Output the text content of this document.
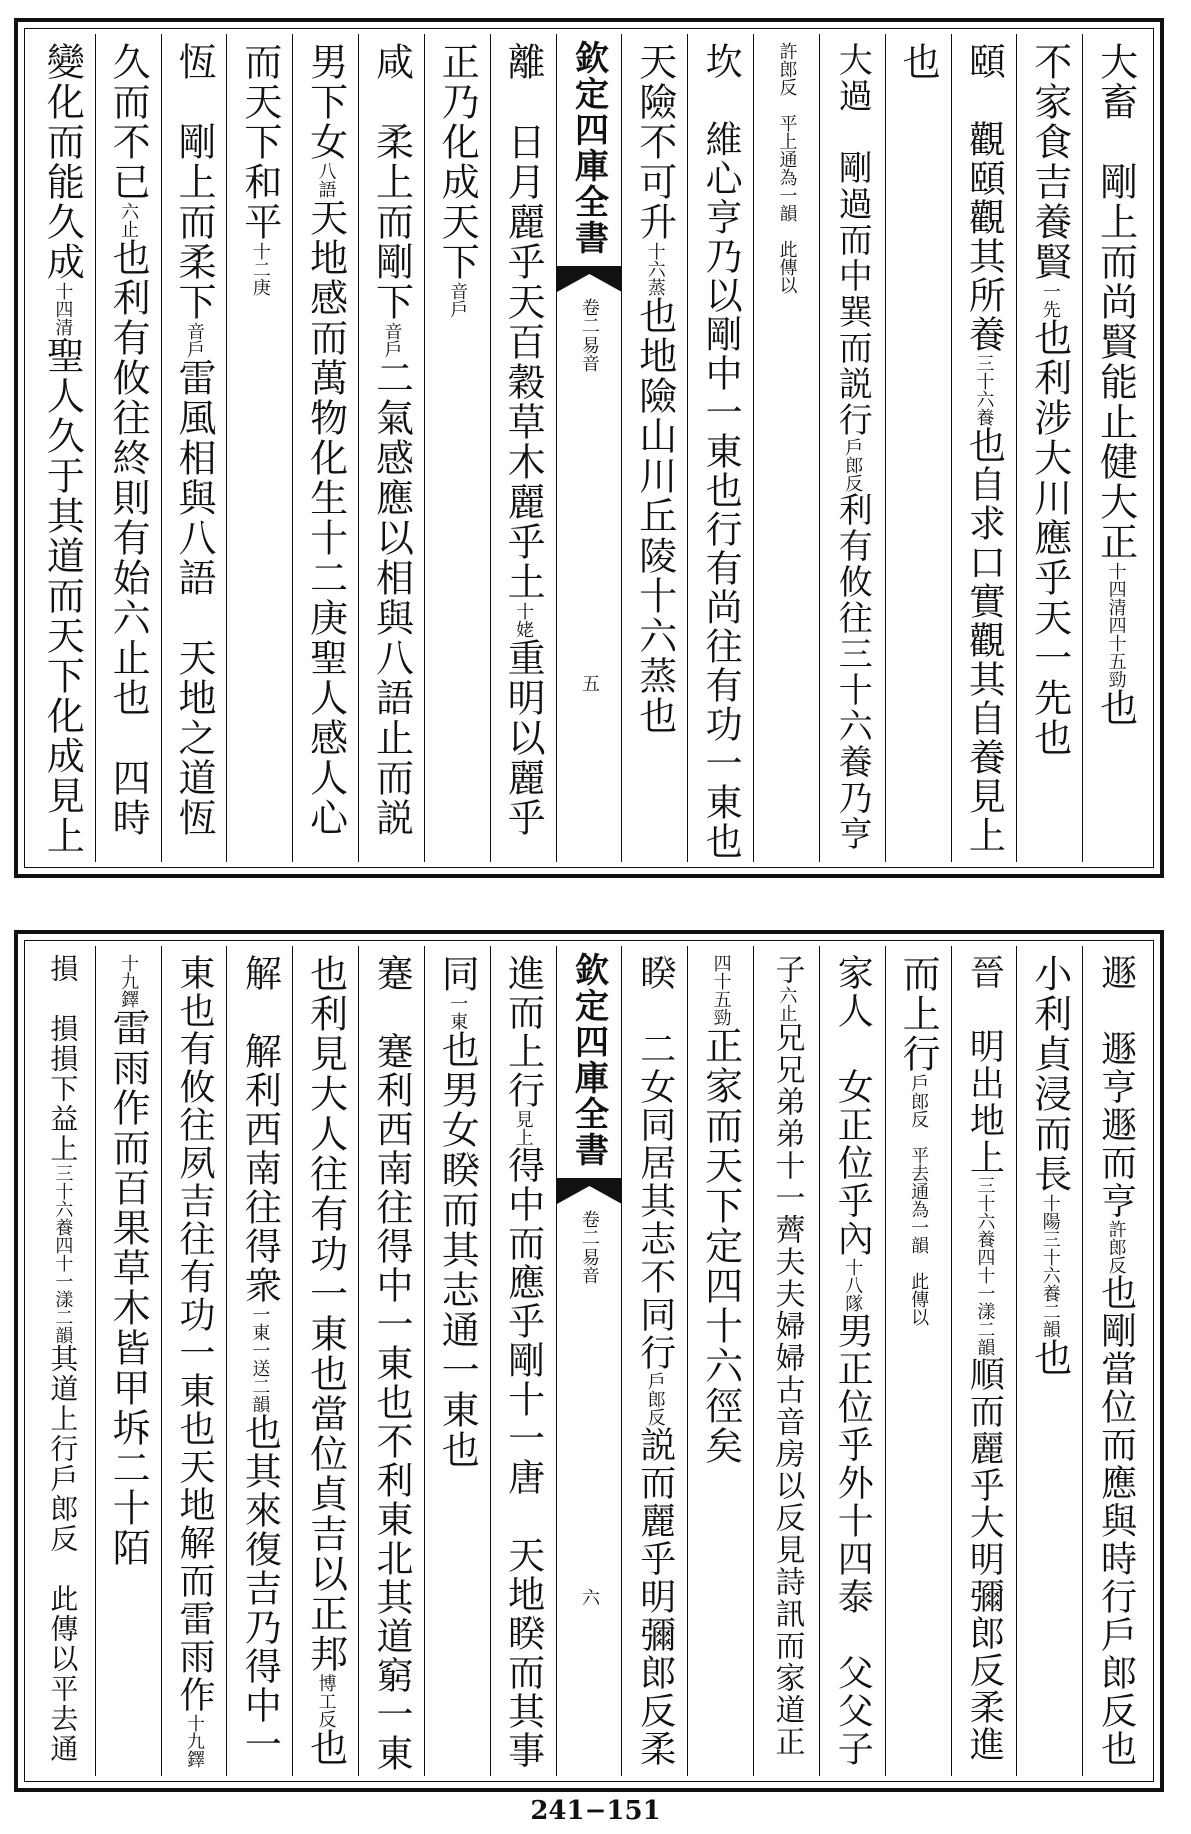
大畜　剛上而尚賢能止健大正十四清四十五勁也
不家食吉養賢一先也利涉大川應乎天一先也
頤　觀頤觀其所養三十六養也自求口實觀其自養見上
也
大過　剛過而中巽而説行戶郎反利有攸往三十六養乃亨
許郎反　平上通為一韻　此傳以
坎　維心亨乃以剛中一東也行有尚往有功一東也
天險不可升十六蒸也地險山川丘陵十六蒸也
欽定四庫全書
易音
卷二
五
離　日月麗乎天百穀草木麗乎土十姥重明以麗乎
正乃化成天下音戶
咸　柔上而剛下音戶二氣感應以相與八語止而説
男下女八語天地感而萬物化生十二庚聖人感人心
而天下和平十二庚
恆　剛上而柔下音戶雷風相與八語　天地之道恆
久而不已六止也利有攸往終則有始六止也　四時
變化而能久成十四清聖人久于其道而天下化成見上
遯　遯亨遯而亨許郎反也剛當位而應與時行戶郎反也
小利貞浸而長十陽三十六養二韻也
晉　明出地上三十六養四十一漾二韻順而麗乎大明彌郎反柔進
而上行戶郎反　平去通為一韻　此傳以
家人　女正位乎內十八隊男正位乎外十四泰　父父子
子六止兄兄弟弟十一薺夫夫婦婦古音房以反見詩訊而家道正
四十五勁正家而天下定四十六徑矣
睽　二女同居其志不同行戶郎反説而麗乎明彌郎反柔
欽定四庫全書
易音
卷二
六
進而上行見上得中而應乎剛十一唐　天地睽而其事
同一東也男女睽而其志通一東也
蹇　蹇利西南往得中一東也不利東北其道窮一東
也利見大人往有功一東也當位貞吉以正邦博工反也
解　解利西南往得衆一東一送二韻也其來復吉乃得中一
東也有攸往夙吉往有功一東也天地解而雷雨作十九鐸
十九鐸雷雨作而百果草木皆甲坼二十陌
損　損損下益上三十六養四十一漾二韻其道上行戶郎反　此傳以平去通
241−151
